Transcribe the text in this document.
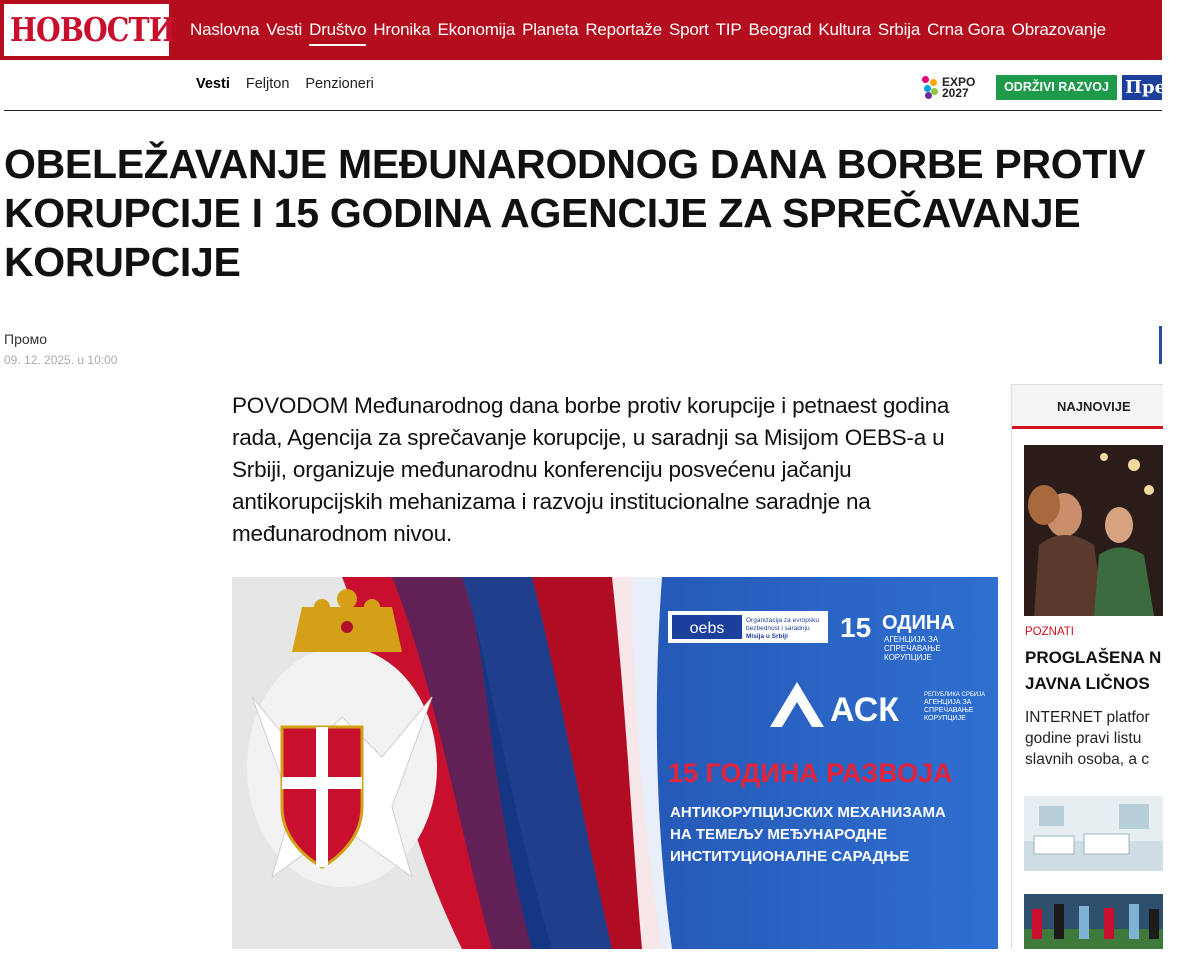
НОВОСТИ Naslovna Vesti Društvo Hronika Ekonomija Planeta Reportaže Sport TIP Beograd Kultura Srbija Crna Gora Obrazovanje
Vesti Feljton Penzioneri	EXPO
2027	ODRŽIVI RAZVOJ Пред
OBELEŽAVANJE MEĐUNARODNOG DANA BORBE PROTIV KORUPCIJE I 15 GODINA AGENCIJE ZA SPREČAVANJE KORUPCIJE
Промо
09. 12. 2025. u 10:00

POVODOM Međunarodnog dana borbe protiv korupcije i petnaest godina rada, Agencija za sprečavanje korupcije, u saradnji sa Misijom OEBS-a u Srbiji, organizuje međunarodnu konferenciju posvećenu jačanju antikorupcijskih mehanizama i razvoju institucionalne saradnje na međunarodnom nivou.

oebs	Organizacija za evropsku
bezbednost i saradnju
Misija u Srbiji 15 ОДИНА
АГЕНЦИЈА ЗА
СПРЕЧАВАЊЕ
КОРУПЦИЈЕ
АСК	РЕПУБЛИКА СРБИЈА
АГЕНЦИЈА ЗА
СПРЕЧАВАЊЕ
КОРУПЦИЈЕ
15 ГОДИНА РАЗВОЈА
АНТИКОРУПЦИЈСКИХ МЕХАНИЗАМА
НА ТЕМЕЉУ МЕЂУНАРОДНЕ
ИНСТИТУЦИОНАЛНЕ САРАДЊЕ
NAJNOVIJE
POZNATI
PROGLAŠENA N
JAVNA LIČNOS
INTERNET platfor
godine pravi listu
slavnih osoba, a c
